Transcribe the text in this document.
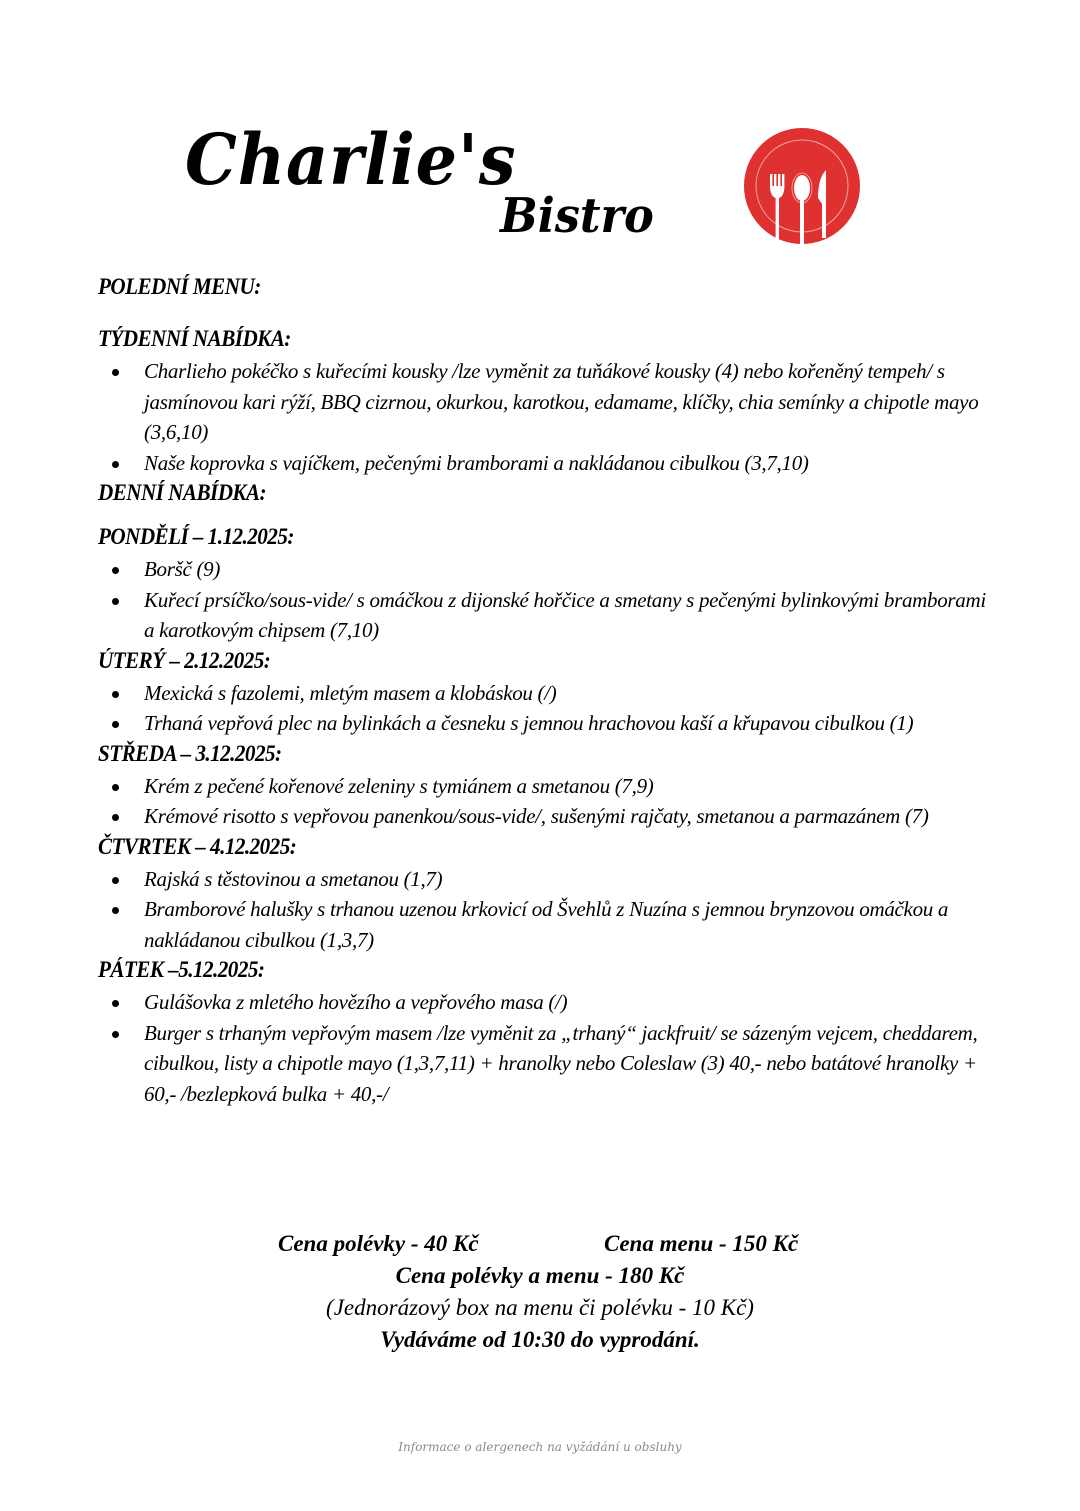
Charlie's
Bistro
POLEDNÍ MENU:
TÝDENNÍ NABÍDKA:
Charlieho pokéčko s kuřecími kousky /lze vyměnit za tuňákové kousky (4) nebo kořeněný tempeh/ s jasmínovou kari rýží, BBQ cizrnou, okurkou, karotkou, edamame, klíčky, chia semínky a chipotle mayo (3,6,10)
Naše koprovka s vajíčkem, pečenými bramborami a nakládanou cibulkou (3,7,10)
DENNÍ NABÍDKA:
PONDĚLÍ – 1.12.2025:
Boršč (9)
Kuřecí prsíčko/sous-vide/ s omáčkou z dijonské hořčice a smetany s pečenými bylinkovými bramborami a karotkovým chipsem (7,10)
ÚTERÝ – 2.12.2025:
Mexická s fazolemi, mletým masem a klobáskou (/)
Trhaná vepřová plec na bylinkách a česneku s jemnou hrachovou kaší a křupavou cibulkou (1)
STŘEDA – 3.12.2025:
Krém z pečené kořenové zeleniny s tymiánem a smetanou (7,9)
Krémové risotto s vepřovou panenkou/sous-vide/, sušenými rajčaty, smetanou a parmazánem (7)
ČTVRTEK – 4.12.2025:
Rajská s těstovinou a smetanou (1,7)
Bramborové halušky s trhanou uzenou krkovicí od Švehlů z Nuzína s jemnou brynzovou omáčkou a nakládanou cibulkou (1,3,7)
PÁTEK –5.12.2025:
Gulášovka z mletého hovězího a vepřového masa (/)
Burger s trhaným vepřovým masem /lze vyměnit za „trhaný“ jackfruit/ se sázeným vejcem, cheddarem, cibulkou, listy a chipotle mayo (1,3,7,11) + hranolky nebo Coleslaw (3) 40,- nebo batátové hranolky + 60,- /bezlepková bulka + 40,-/
Cena polévky - 40 Kč	Cena menu - 150 Kč
Cena polévky a menu - 180 Kč
(Jednorázový box na menu či polévku - 10 Kč)
Vydáváme od 10:30 do vyprodání.
Informace o alergenech na vyžádání u obsluhy
